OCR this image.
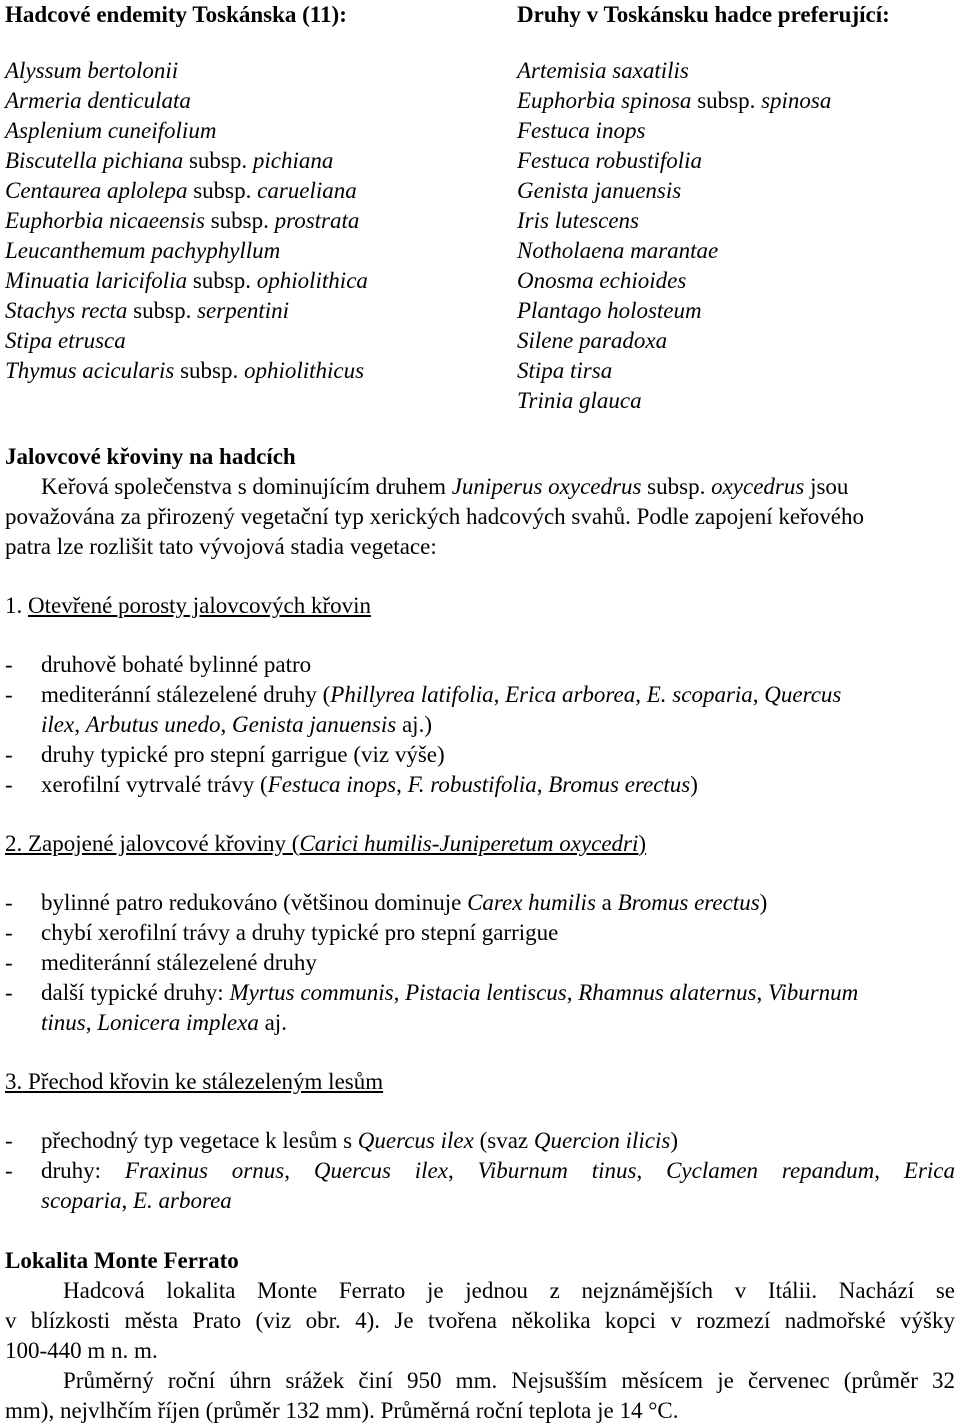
Hadcové endemity Toskánska (11):
Alyssum bertolonii
Armeria denticulata
Asplenium cuneifolium
Biscutella pichiana subsp. pichiana
Centaurea aplolepa subsp. carueliana
Euphorbia nicaeensis subsp. prostrata
Leucanthemum pachyphyllum
Minuatia laricifolia subsp. ophiolithica
Stachys recta subsp. serpentini
Stipa etrusca
Thymus acicularis subsp. ophiolithicus
Druhy v Toskánsku hadce preferující:
Artemisia saxatilis
Euphorbia spinosa subsp. spinosa
Festuca inops
Festuca robustifolia
Genista januensis
Iris lutescens
Notholaena marantae
Onosma echioides
Plantago holosteum
Silene paradoxa
Stipa tirsa
Trinia glauca
Jalovcové křoviny na hadcích
Keřová společenstva s dominujícím druhem Juniperus oxycedrus subsp. oxycedrus jsou
považována za přirozený vegetační typ xerických hadcových svahů. Podle zapojení keřového
patra lze rozlišit tato vývojová stadia vegetace:
1. Otevřené porosty jalovcových křovin
- druhově bohaté bylinné patro
- mediteránní stálezelené druhy (Phillyrea latifolia, Erica arborea, E. scoparia, Quercus
ilex, Arbutus unedo, Genista januensis aj.)
- druhy typické pro stepní garrigue (viz výše)
- xerofilní vytrvalé trávy (Festuca inops, F. robustifolia, Bromus erectus)
2. Zapojené jalovcové křoviny (Carici humilis-Juniperetum oxycedri)
- bylinné patro redukováno (většinou dominuje Carex humilis a Bromus erectus)
- chybí xerofilní trávy a druhy typické pro stepní garrigue
- mediteránní stálezelené druhy
- další typické druhy: Myrtus communis, Pistacia lentiscus, Rhamnus alaternus, Viburnum
tinus, Lonicera implexa aj.
3. Přechod křovin ke stálezeleným lesům
- přechodný typ vegetace k lesům s Quercus ilex (svaz Quercion ilicis)
- druhy: Fraxinus ornus, Quercus ilex, Viburnum tinus, Cyclamen repandum, Erica
scoparia, E. arborea
Lokalita Monte Ferrato
Hadcová lokalita Monte Ferrato je jednou z nejznámějších v Itálii. Nachází se
v blízkosti města Prato (viz obr. 4). Je tvořena několika kopci v rozmezí nadmořské výšky
100-440 m n. m.
Průměrný roční úhrn srážek činí 950 mm. Nejsušším měsícem je červenec (průměr 32
mm), nejvlhčím říjen (průměr 132 mm). Průměrná roční teplota je 14 °C.
